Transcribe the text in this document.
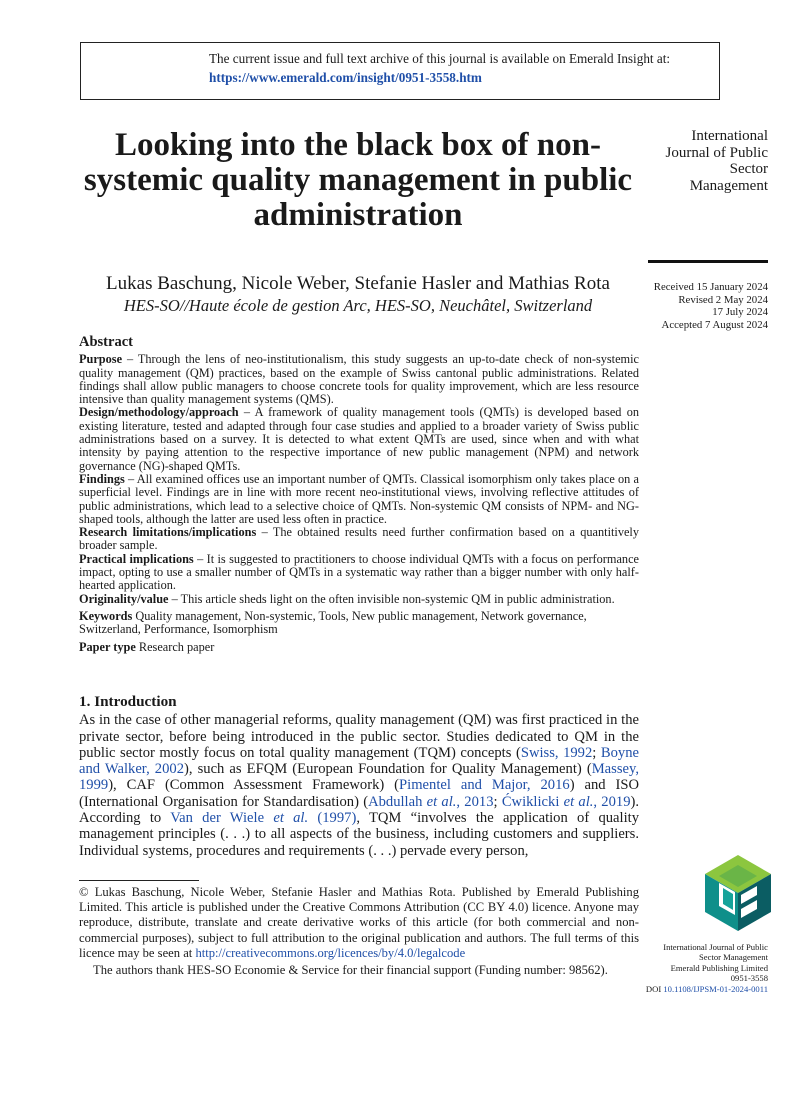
The current issue and full text archive of this journal is available on Emerald Insight at:
https://www.emerald.com/insight/0951-3558.htm
Looking into the black box of non-systemic quality management in public administration
International
Journal of Public
Sector
Management
Lukas Baschung, Nicole Weber, Stefanie Hasler and Mathias Rota
HES-SO//Haute école de gestion Arc, HES-SO, Neuchâtel, Switzerland
Received 15 January 2024
Revised 2 May 2024
17 July 2024
Accepted 7 August 2024
Abstract

Purpose – Through the lens of neo-institutionalism, this study suggests an up-to-date check of non-systemic quality management (QM) practices, based on the example of Swiss cantonal public administrations. Related findings shall allow public managers to choose concrete tools for quality improvement, which are less resource intensive than quality management systems (QMS).

Design/methodology/approach – A framework of quality management tools (QMTs) is developed based on existing literature, tested and adapted through four case studies and applied to a broader variety of Swiss public administrations based on a survey. It is detected to what extent QMTs are used, since when and with what intensity by paying attention to the respective importance of new public management (NPM) and network governance (NG)-shaped QMTs.

Findings – All examined offices use an important number of QMTs. Classical isomorphism only takes place on a superficial level. Findings are in line with more recent neo-institutional views, involving reflective attitudes of public administrations, which lead to a selective choice of QMTs. Non-systemic QM consists of NPM- and NG-shaped tools, although the latter are used less often in practice.

Research limitations/implications – The obtained results need further confirmation based on a quantitively broader sample.

Practical implications – It is suggested to practitioners to choose individual QMTs with a focus on performance impact, opting to use a smaller number of QMTs in a systematic way rather than a bigger number with only half-hearted application.

Originality/value – This article sheds light on the often invisible non-systemic QM in public administration.

Keywords Quality management, Non-systemic, Tools, New public management, Network governance, Switzerland, Performance, Isomorphism

Paper type Research paper

1. Introduction

As in the case of other managerial reforms, quality management (QM) was first practiced in the private sector, before being introduced in the public sector. Studies dedicated to QM in the public sector mostly focus on total quality management (TQM) concepts (Swiss, 1992; Boyne and Walker, 2002), such as EFQM (European Foundation for Quality Management) (Massey, 1999), CAF (Common Assessment Framework) (Pimentel and Major, 2016) and ISO (International Organisation for Standardisation) (Abdullah et al., 2013; Ćwiklicki et al., 2019). According to Van der Wiele et al. (1997), TQM “involves the application of quality management principles (. . .) to all aspects of the business, including customers and suppliers. Individual systems, procedures and requirements (. . .) pervade every person,

© Lukas Baschung, Nicole Weber, Stefanie Hasler and Mathias Rota. Published by Emerald Publishing Limited. This article is published under the Creative Commons Attribution (CC BY 4.0) licence. Anyone may reproduce, distribute, translate and create derivative works of this article (for both commercial and non-commercial purposes), subject to full attribution to the original publication and authors. The full terms of this licence may be seen at http://creativecommons.org/licences/by/4.0/legalcode

The authors thank HES-SO Economie & Service for their financial support (Funding number: 98562).

International Journal of Public
Sector Management
Emerald Publishing Limited
0951-3558
DOI 10.1108/IJPSM-01-2024-0011
